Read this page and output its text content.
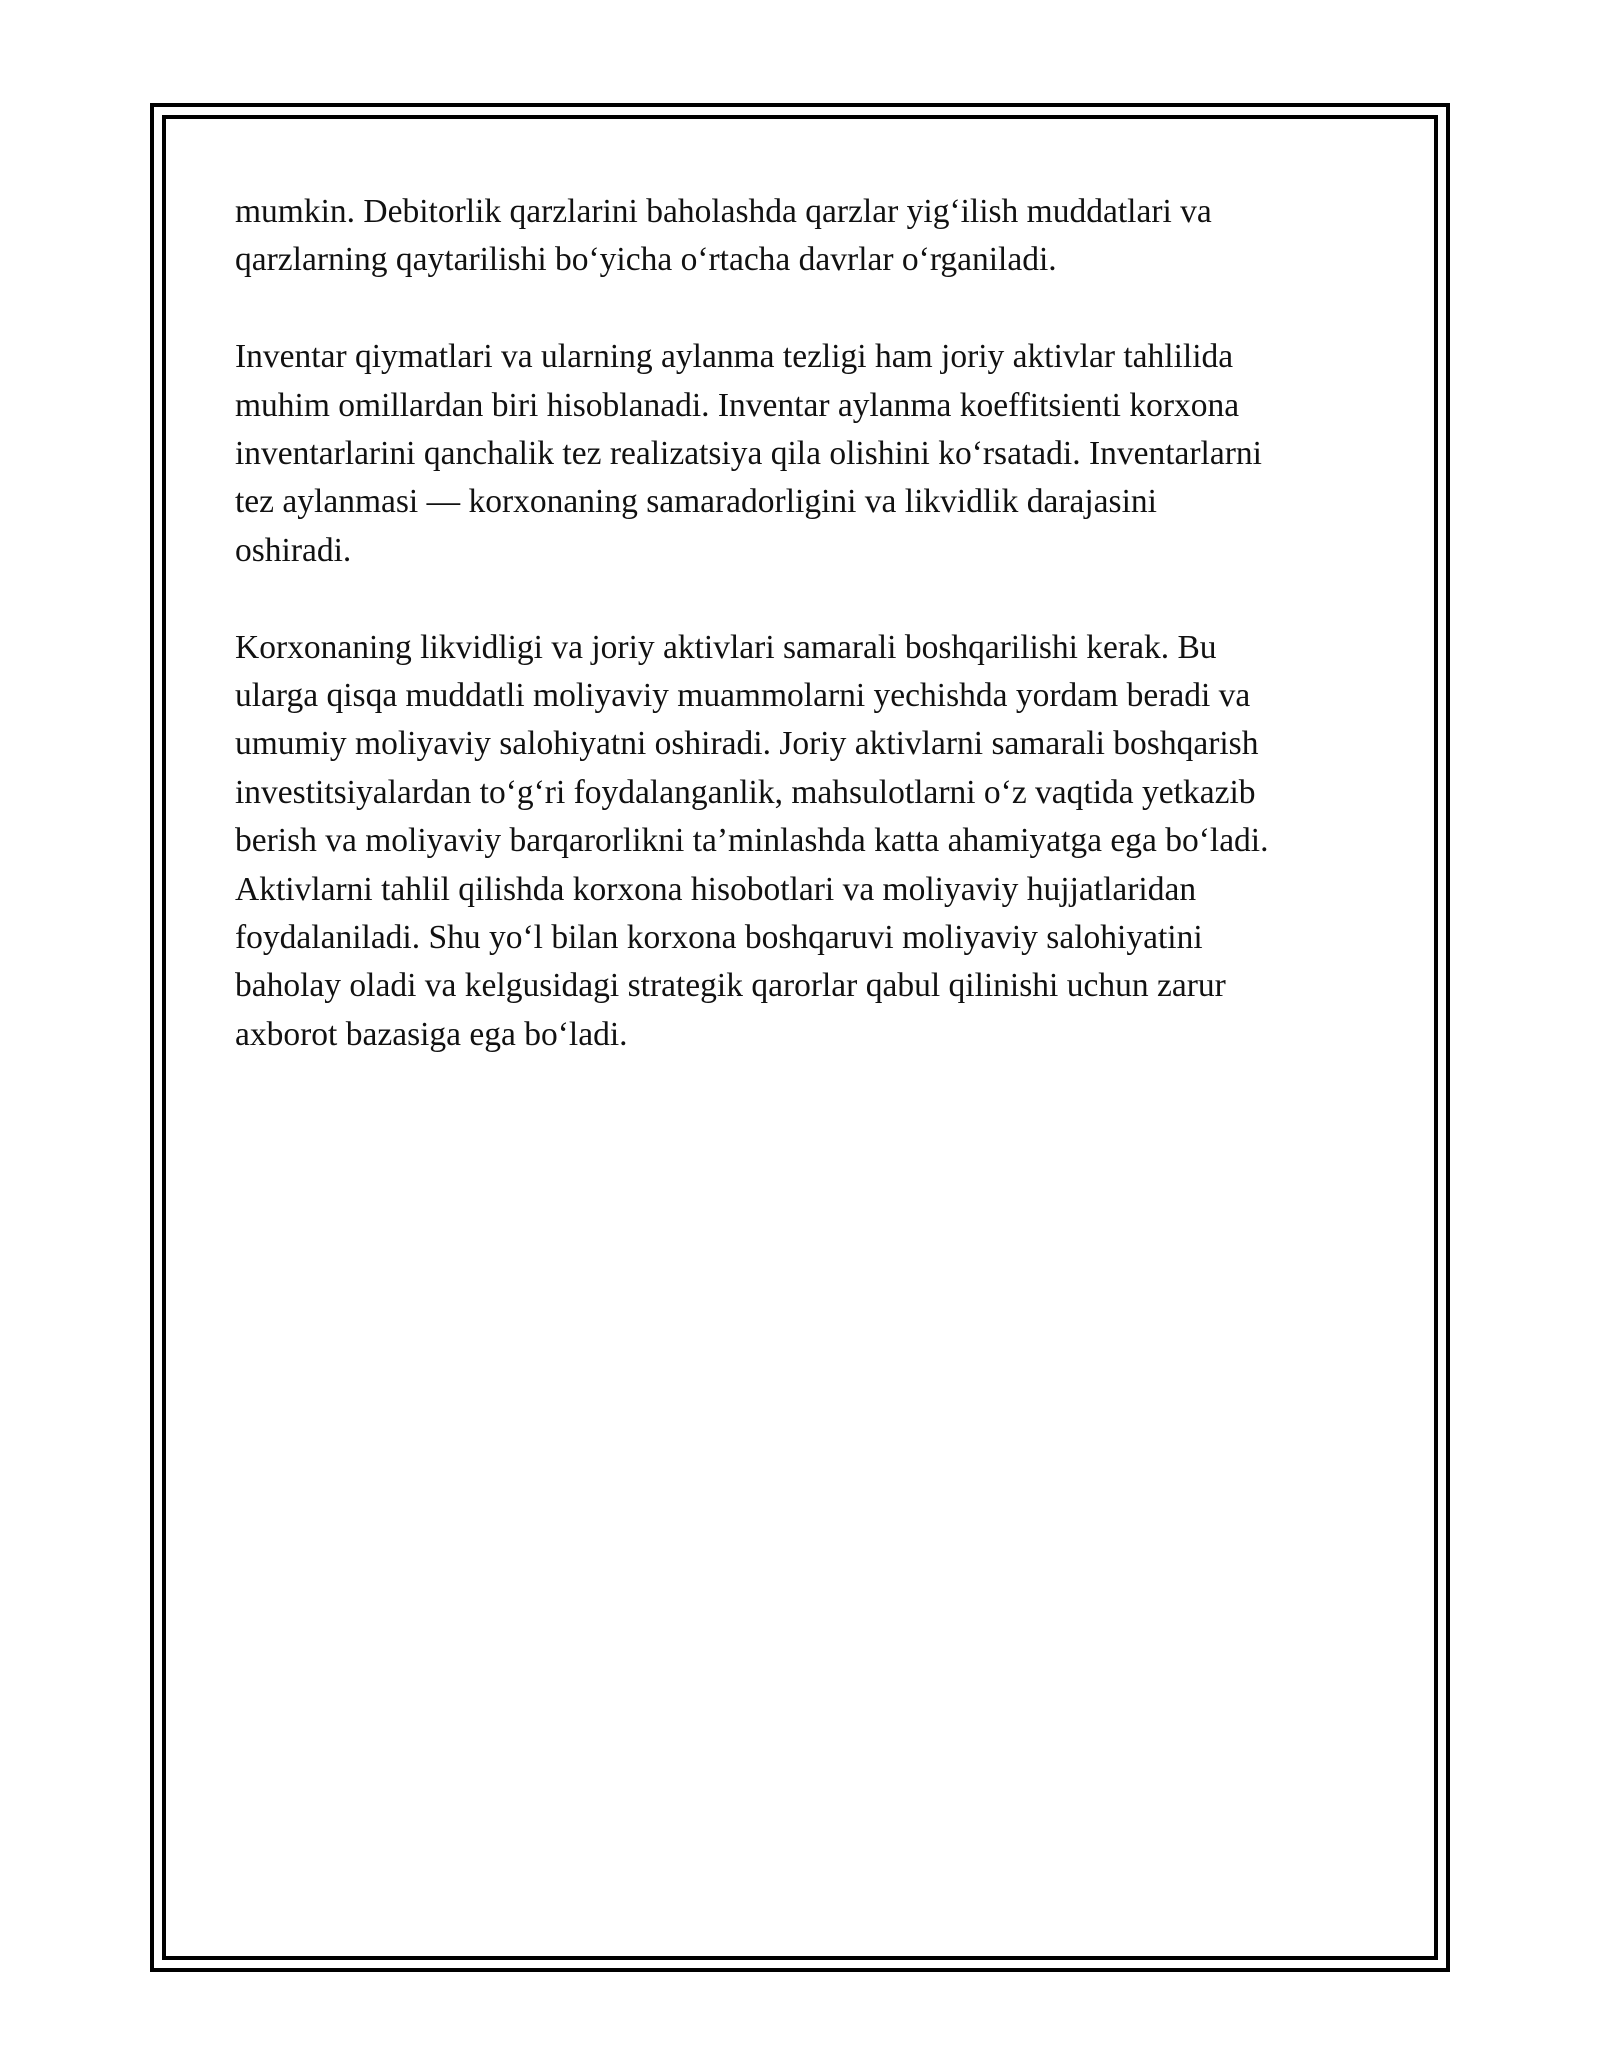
mumkin. Debitorlik qarzlarini baholashda qarzlar yig‘ilish muddatlari va
qarzlarning qaytarilishi bo‘yicha o‘rtacha davrlar o‘rganiladi.

Inventar qiymatlari va ularning aylanma tezligi ham joriy aktivlar tahlilida
muhim omillardan biri hisoblanadi. Inventar aylanma koeffitsienti korxona
inventarlarini qanchalik tez realizatsiya qila olishini ko‘rsatadi. Inventarlarni
tez aylanmasi — korxonaning samaradorligini va likvidlik darajasini
oshiradi.

Korxonaning likvidligi va joriy aktivlari samarali boshqarilishi kerak. Bu
ularga qisqa muddatli moliyaviy muammolarni yechishda yordam beradi va
umumiy moliyaviy salohiyatni oshiradi. Joriy aktivlarni samarali boshqarish
investitsiyalardan to‘g‘ri foydalanganlik, mahsulotlarni o‘z vaqtida yetkazib
berish va moliyaviy barqarorlikni ta’minlashda katta ahamiyatga ega bo‘ladi.
Aktivlarni tahlil qilishda korxona hisobotlari va moliyaviy hujjatlaridan
foydalaniladi. Shu yo‘l bilan korxona boshqaruvi moliyaviy salohiyatini
baholay oladi va kelgusidagi strategik qarorlar qabul qilinishi uchun zarur
axborot bazasiga ega bo‘ladi.
